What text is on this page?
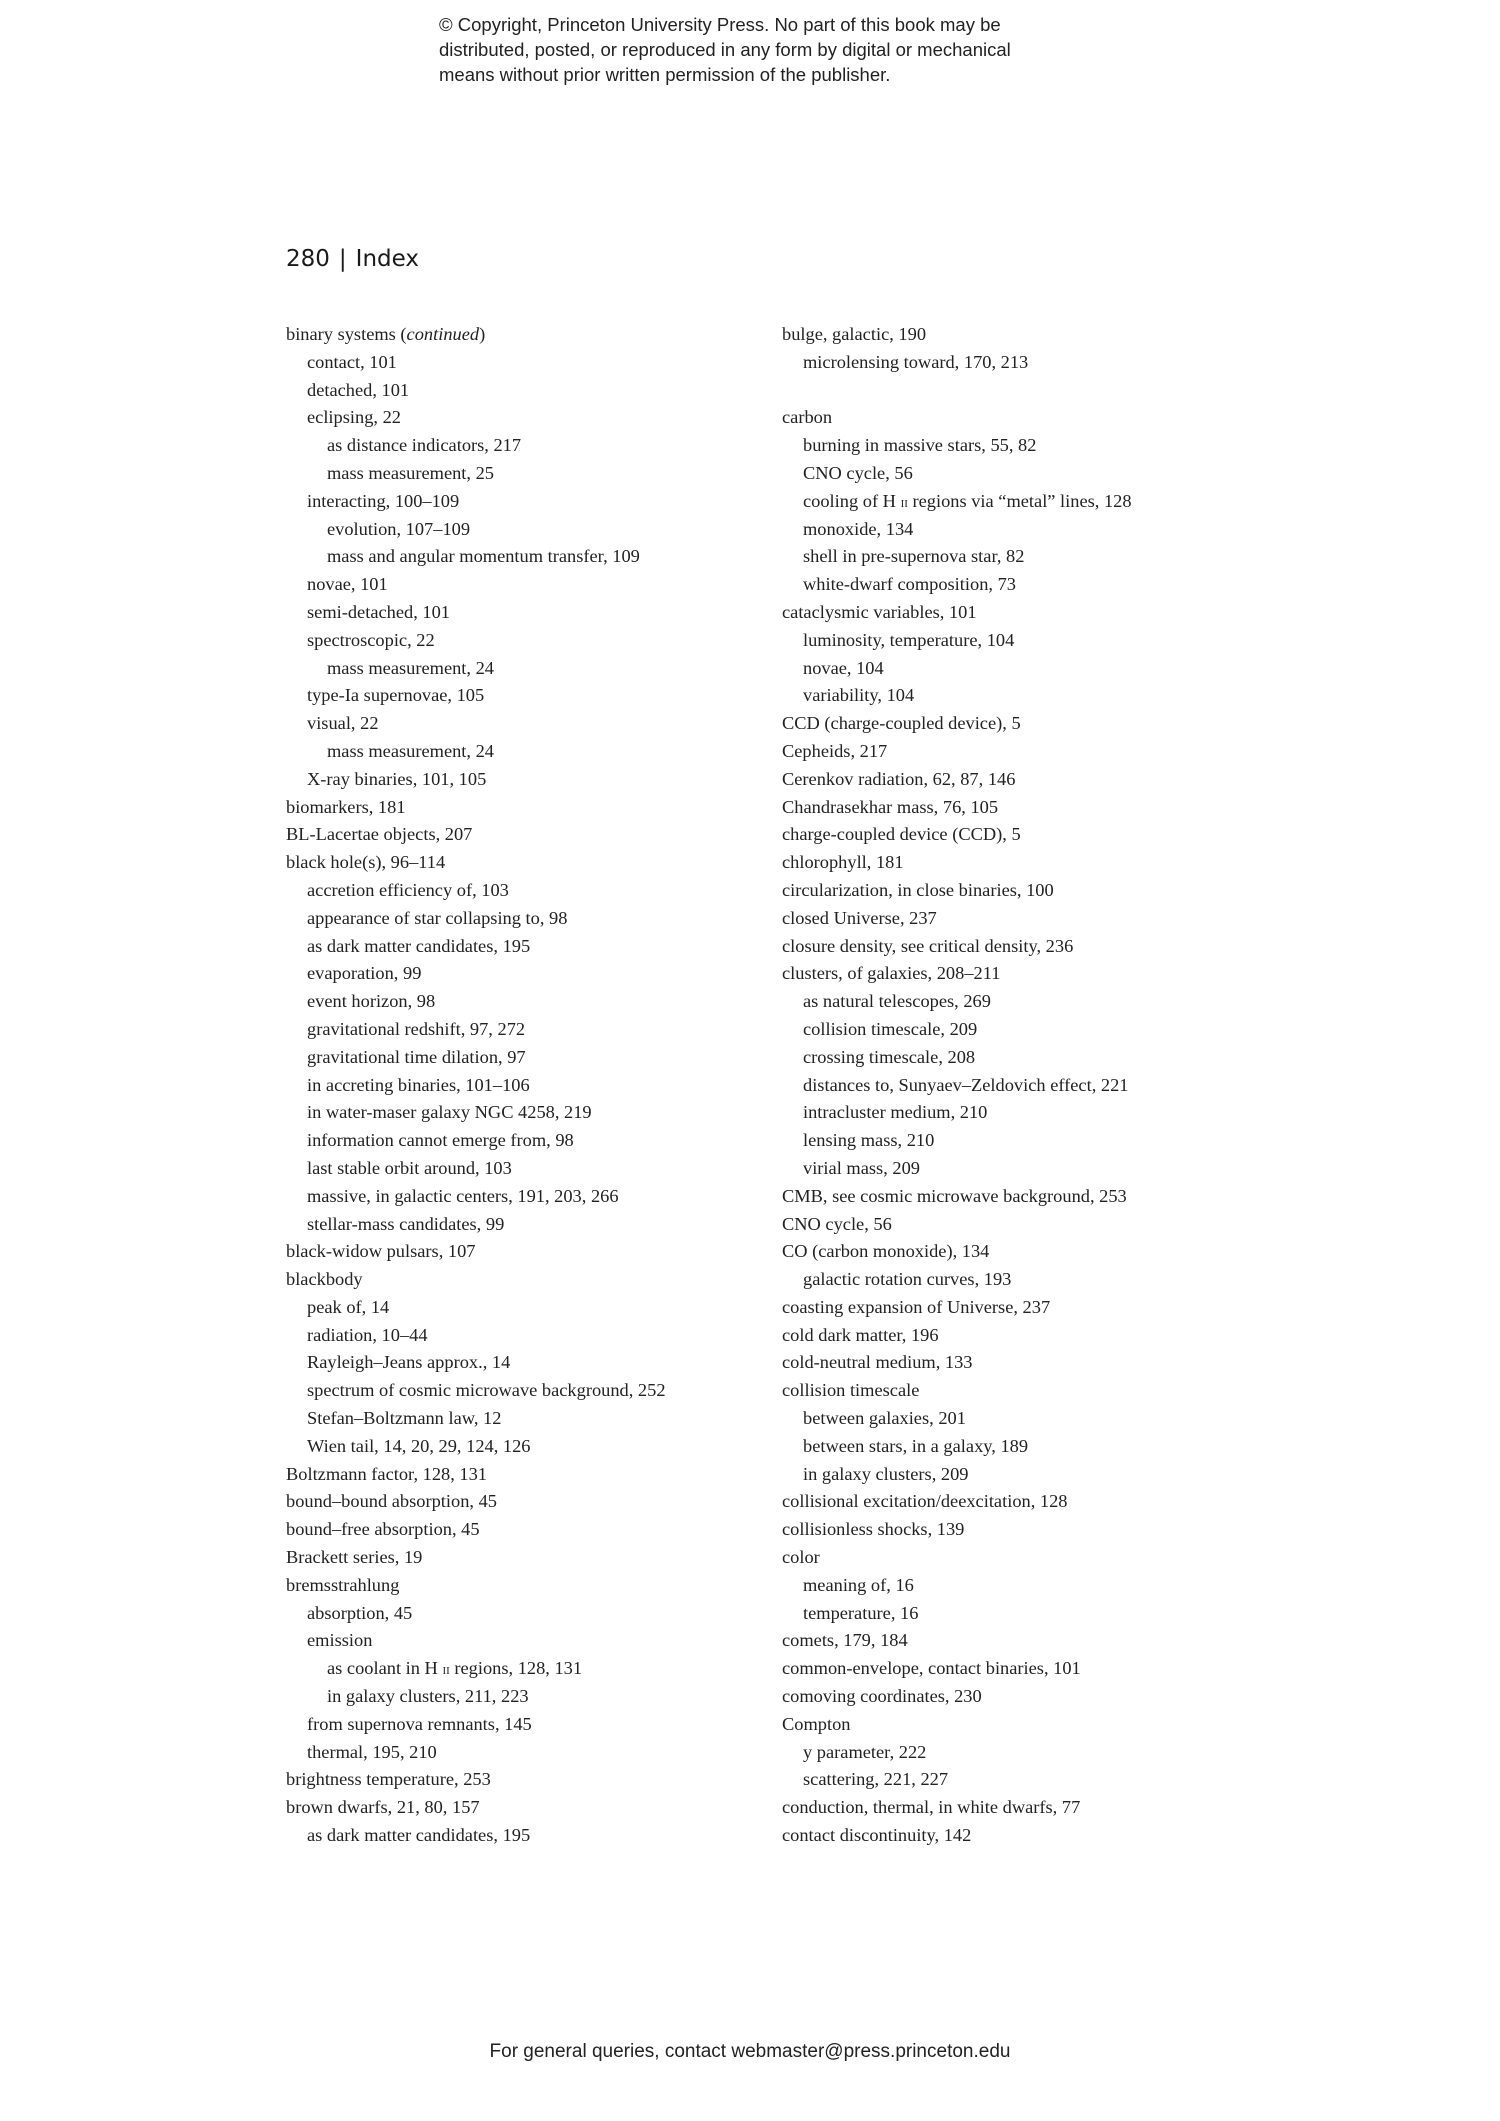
© Copyright, Princeton University Press. No part of this book may be
distributed, posted, or reproduced in any form by digital or mechanical
means without prior written permission of the publisher.
280 | Index
binary systems (continued)
contact, 101
detached, 101
eclipsing, 22
as distance indicators, 217
mass measurement, 25
interacting, 100–109
evolution, 107–109
mass and angular momentum transfer, 109
novae, 101
semi-detached, 101
spectroscopic, 22
mass measurement, 24
type-Ia supernovae, 105
visual, 22
mass measurement, 24
X-ray binaries, 101, 105
biomarkers, 181
BL-Lacertae objects, 207
black hole(s), 96–114
accretion efficiency of, 103
appearance of star collapsing to, 98
as dark matter candidates, 195
evaporation, 99
event horizon, 98
gravitational redshift, 97, 272
gravitational time dilation, 97
in accreting binaries, 101–106
in water-maser galaxy NGC 4258, 219
information cannot emerge from, 98
last stable orbit around, 103
massive, in galactic centers, 191, 203, 266
stellar-mass candidates, 99
black-widow pulsars, 107
blackbody
peak of, 14
radiation, 10–44
Rayleigh–Jeans approx., 14
spectrum of cosmic microwave background, 252
Stefan–Boltzmann law, 12
Wien tail, 14, 20, 29, 124, 126
Boltzmann factor, 128, 131
bound–bound absorption, 45
bound–free absorption, 45
Brackett series, 19
bremsstrahlung
absorption, 45
emission
as coolant in H ii regions, 128, 131
in galaxy clusters, 211, 223
from supernova remnants, 145
thermal, 195, 210
brightness temperature, 253
brown dwarfs, 21, 80, 157
as dark matter candidates, 195
bulge, galactic, 190
microlensing toward, 170, 213
carbon
burning in massive stars, 55, 82
CNO cycle, 56
cooling of H ii regions via “metal” lines, 128
monoxide, 134
shell in pre-supernova star, 82
white-dwarf composition, 73
cataclysmic variables, 101
luminosity, temperature, 104
novae, 104
variability, 104
CCD (charge-coupled device), 5
Cepheids, 217
Cerenkov radiation, 62, 87, 146
Chandrasekhar mass, 76, 105
charge-coupled device (CCD), 5
chlorophyll, 181
circularization, in close binaries, 100
closed Universe, 237
closure density, see critical density, 236
clusters, of galaxies, 208–211
as natural telescopes, 269
collision timescale, 209
crossing timescale, 208
distances to, Sunyaev–Zeldovich effect, 221
intracluster medium, 210
lensing mass, 210
virial mass, 209
CMB, see cosmic microwave background, 253
CNO cycle, 56
CO (carbon monoxide), 134
galactic rotation curves, 193
coasting expansion of Universe, 237
cold dark matter, 196
cold-neutral medium, 133
collision timescale
between galaxies, 201
between stars, in a galaxy, 189
in galaxy clusters, 209
collisional excitation/deexcitation, 128
collisionless shocks, 139
color
meaning of, 16
temperature, 16
comets, 179, 184
common-envelope, contact binaries, 101
comoving coordinates, 230
Compton
y parameter, 222
scattering, 221, 227
conduction, thermal, in white dwarfs, 77
contact discontinuity, 142
For general queries, contact webmaster@press.princeton.edu
